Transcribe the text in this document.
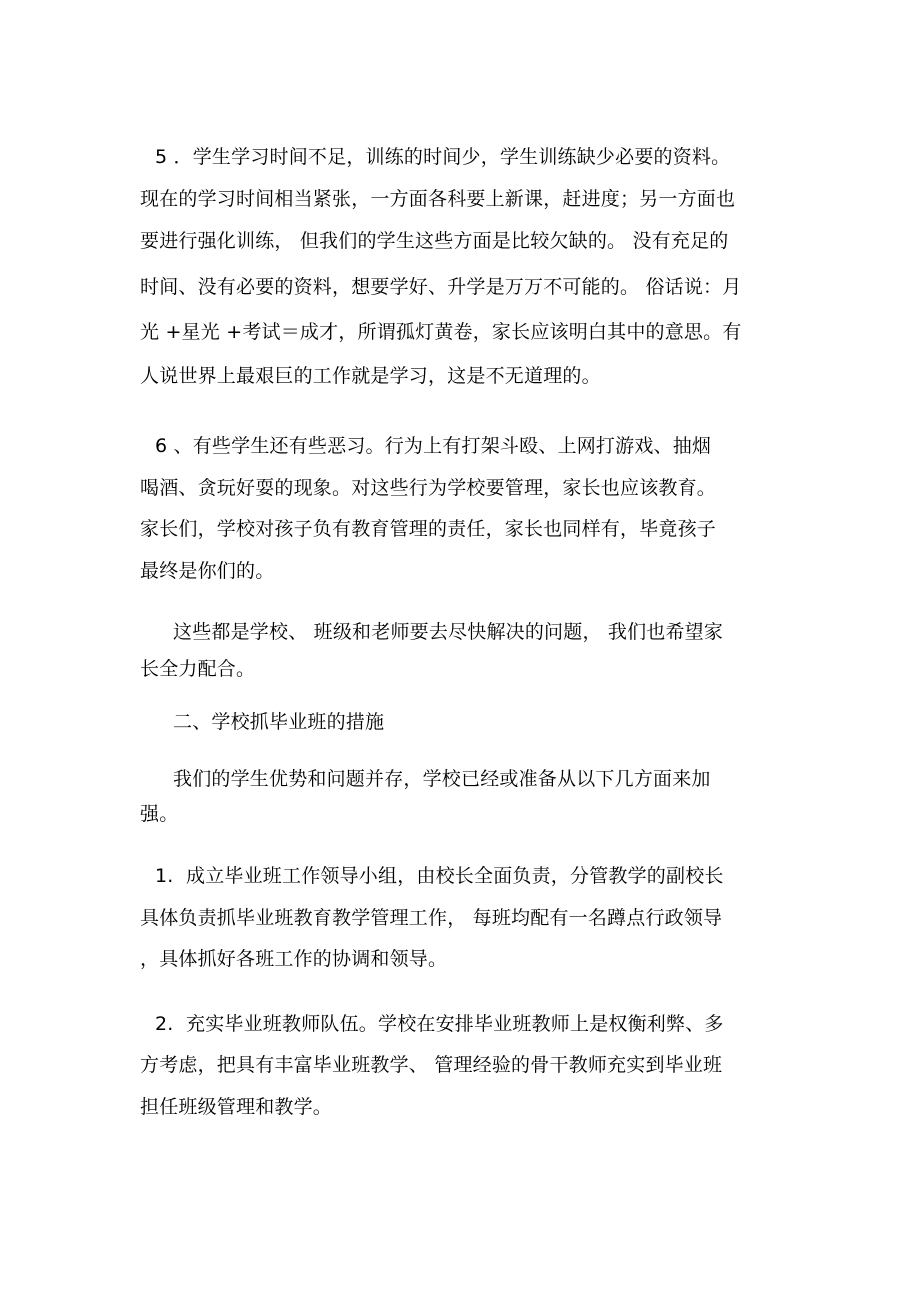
5 ．学生学习时间不足，训练的时间少，学生训练缺少必要的资料。
现在的学习时间相当紧张，一方面各科要上新课，赶进度；另一方面也
要进行强化训练， 但我们的学生这些方面是比较欠缺的。 没有充足的
时间、没有必要的资料，想要学好、升学是万万不可能的。 俗话说：月
光 +星光 +考试＝成才，所谓孤灯黄卷，家长应该明白其中的意思。有
人说世界上最艰巨的工作就是学习，这是不无道理的。
6 、有些学生还有些恶习。行为上有打架斗殴、上网打游戏、抽烟
喝酒、贪玩好耍的现象。对这些行为学校要管理，家长也应该教育。
家长们，学校对孩子负有教育管理的责任，家长也同样有，毕竟孩子
最终是你们的。
这些都是学校、 班级和老师要去尽快解决的问题， 我们也希望家
长全力配合。
二、学校抓毕业班的措施
我们的学生优势和问题并存，学校已经或准备从以下几方面来加
强。
1.  成立毕业班工作领导小组，由校长全面负责，分管教学的副校长
具体负责抓毕业班教育教学管理工作， 每班均配有一名蹲点行政领导
，具体抓好各班工作的协调和领导。
2.  充实毕业班教师队伍。学校在安排毕业班教师上是权衡利弊、多
方考虑，把具有丰富毕业班教学、 管理经验的骨干教师充实到毕业班
担任班级管理和教学。
